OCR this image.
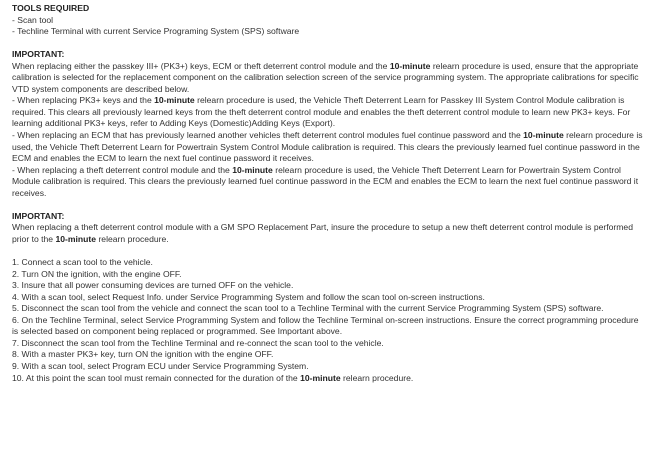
TOOLS REQUIRED

- Scan tool

- Techline Terminal with current Service Programing System (SPS) software

IMPORTANT:

When replacing either the passkey III+ (PK3+) keys, ECM or theft deterrent control module and the 10-minute relearn procedure is used, ensure that the appropriate calibration is selected for the replacement component on the calibration selection screen of the service programming system. The appropriate calibrations for specific VTD system components are described below.

- When replacing PK3+ keys and the 10-minute relearn procedure is used, the Vehicle Theft Deterrent Learn for Passkey III System Control Module calibration is required. This clears all previously learned keys from the theft deterrent control module and enables the theft deterrent control module to learn new PK3+ keys. For learning additional PK3+ keys, refer to Adding Keys (Domestic)Adding Keys (Export).

- When replacing an ECM that has previously learned another vehicles theft deterrent control modules fuel continue password and the 10-minute relearn procedure is used, the Vehicle Theft Deterrent Learn for Powertrain System Control Module calibration is required. This clears the previously learned fuel continue password in the ECM and enables the ECM to learn the next fuel continue password it receives.

- When replacing a theft deterrent control module and the 10-minute relearn procedure is used, the Vehicle Theft Deterrent Learn for Powertrain System Control Module calibration is required. This clears the previously learned fuel continue password in the ECM and enables the ECM to learn the next fuel continue password it receives.

IMPORTANT:

When replacing a theft deterrent control module with a GM SPO Replacement Part, insure the procedure to setup a new theft deterrent control module is performed prior to the 10-minute relearn procedure.

1. Connect a scan tool to the vehicle.

2. Turn ON the ignition, with the engine OFF.

3. Insure that all power consuming devices are turned OFF on the vehicle.

4. With a scan tool, select Request Info. under Service Programming System and follow the scan tool on-screen instructions.

5. Disconnect the scan tool from the vehicle and connect the scan tool to a Techline Terminal with the current Service Programming System (SPS) software.

6. On the Techline Terminal, select Service Programming System and follow the Techline Terminal on-screen instructions. Ensure the correct programming procedure is selected based on component being replaced or programmed. See Important above.

7. Disconnect the scan tool from the Techline Terminal and re-connect the scan tool to the vehicle.

8. With a master PK3+ key, turn ON the ignition with the engine OFF.

9. With a scan tool, select Program ECU under Service Programming System.

10. At this point the scan tool must remain connected for the duration of the 10-minute relearn procedure.
